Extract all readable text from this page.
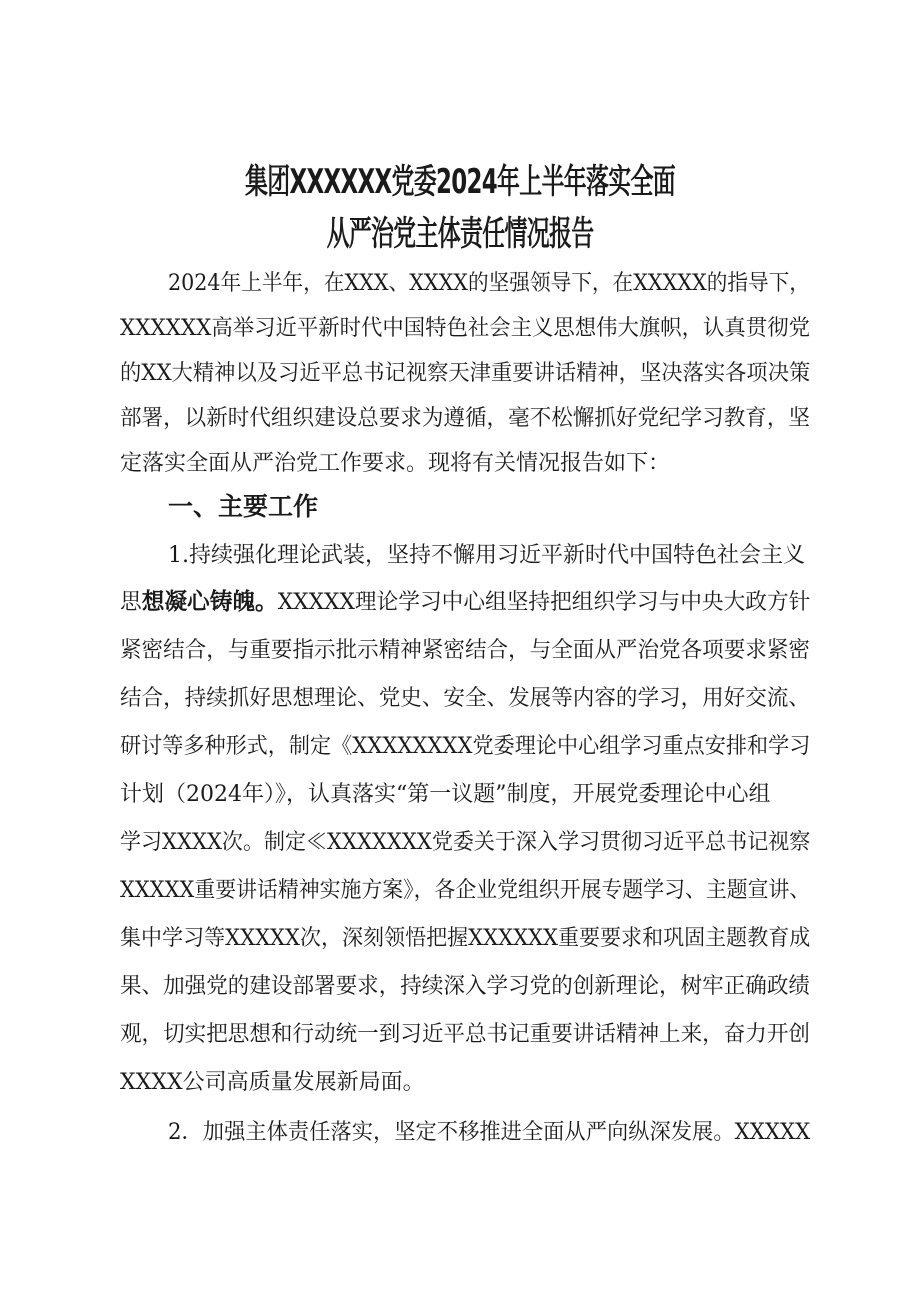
集团XXXXXX党委2024年上半年落实全面
从严治党主体责任情况报告
2024年上半年，在XXX、XXXX的坚强领导下，在XXXXX的指导下，
XXXXXX高举习近平新时代中国特色社会主义思想伟大旗帜，认真贯彻党
的XX大精神以及习近平总书记视察天津重要讲话精神，坚决落实各项决策
部署，以新时代组织建设总要求为遵循，毫不松懈抓好党纪学习教育，坚
定落实全面从严治党工作要求。现将有关情况报告如下：
一、主要工作
1.持续强化理论武装，坚持不懈用习近平新时代中国特色社会主义
思想凝心铸魄。XXXXX理论学习中心组坚持把组织学习与中央大政方针
紧密结合，与重要指示批示精神紧密结合，与全面从严治党各项要求紧密
结合，持续抓好思想理论、党史、安全、发展等内容的学习，用好交流、
研讨等多种形式，制定《XXXXXXXX党委理论中心组学习重点安排和学习
计划（2024年）》，认真落实“第一议题”制度，开展党委理论中心组
学习XXXX次。制定≪XXXXXXX党委关于深入学习贯彻习近平总书记视察
XXXXX重要讲话精神实施方案》，各企业党组织开展专题学习、主题宣讲、
集中学习等XXXXX次，深刻领悟把握XXXXXX重要要求和巩固主题教育成
果、加强党的建设部署要求，持续深入学习党的创新理论，树牢正确政绩
观，切实把思想和行动统一到习近平总书记重要讲话精神上来，奋力开创
XXXX公司高质量发展新局面。
2．加强主体责任落实，坚定不移推进全面从严向纵深发展。XXXXX
